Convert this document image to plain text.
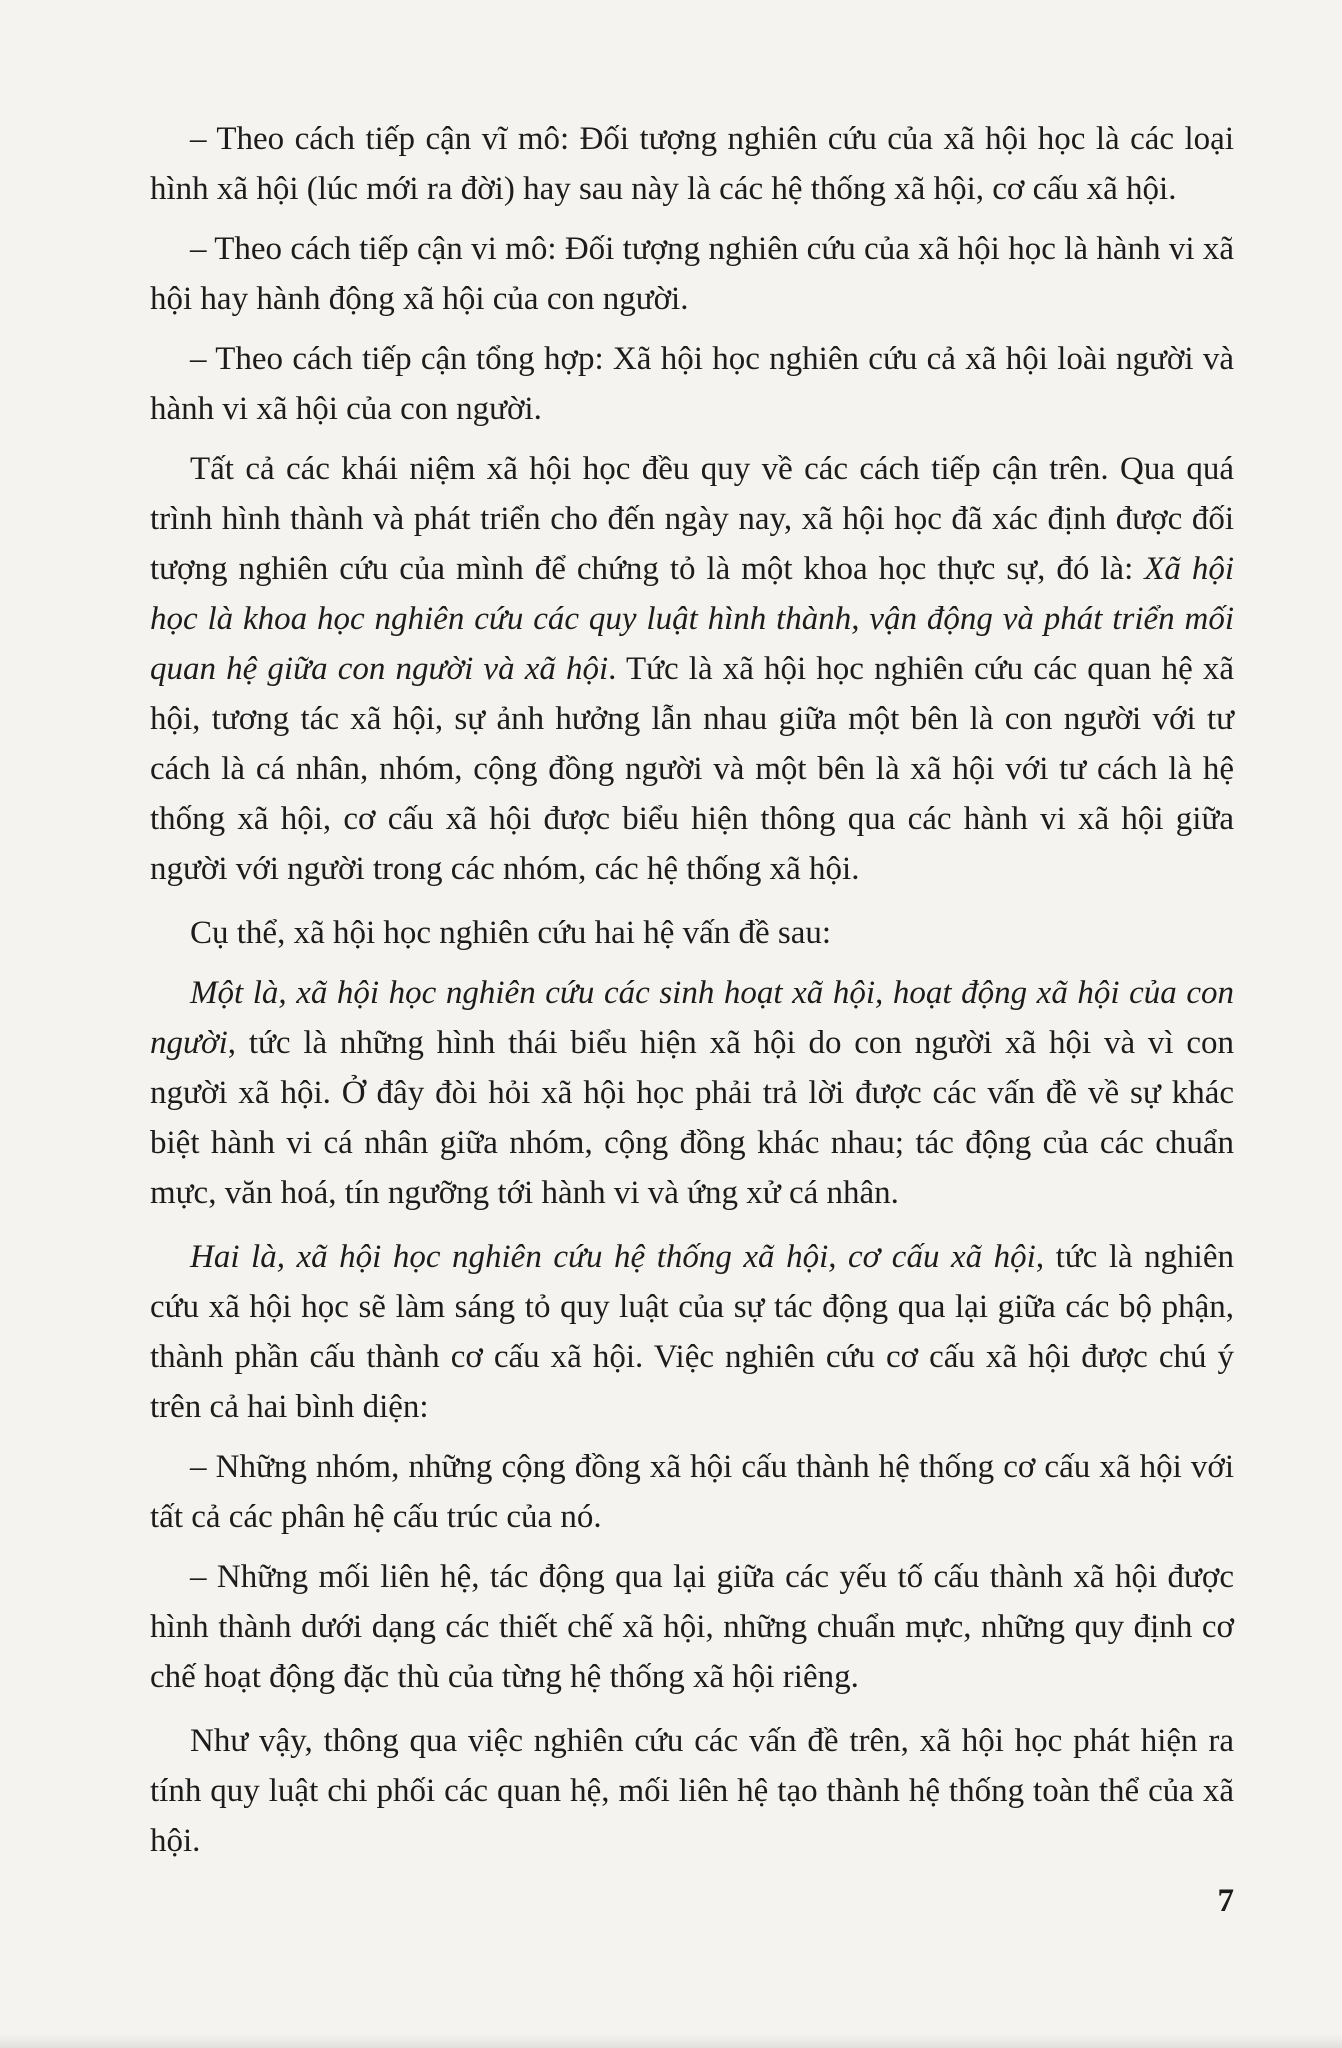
– Theo cách tiếp cận vĩ mô: Đối tượng nghiên cứu của xã hội học là các loại hình xã hội (lúc mới ra đời) hay sau này là các hệ thống xã hội, cơ cấu xã hội.

– Theo cách tiếp cận vi mô: Đối tượng nghiên cứu của xã hội học là hành vi xã hội hay hành động xã hội của con người.

– Theo cách tiếp cận tổng hợp: Xã hội học nghiên cứu cả xã hội loài người và hành vi xã hội của con người.

Tất cả các khái niệm xã hội học đều quy về các cách tiếp cận trên. Qua quá trình hình thành và phát triển cho đến ngày nay, xã hội học đã xác định được đối tượng nghiên cứu của mình để chứng tỏ là một khoa học thực sự, đó là: Xã hội học là khoa học nghiên cứu các quy luật hình thành, vận động và phát triển mối quan hệ giữa con người và xã hội. Tức là xã hội học nghiên cứu các quan hệ xã hội, tương tác xã hội, sự ảnh hưởng lẫn nhau giữa một bên là con người với tư cách là cá nhân, nhóm, cộng đồng người và một bên là xã hội với tư cách là hệ thống xã hội, cơ cấu xã hội được biểu hiện thông qua các hành vi xã hội giữa người với người trong các nhóm, các hệ thống xã hội.

Cụ thể, xã hội học nghiên cứu hai hệ vấn đề sau:

Một là, xã hội học nghiên cứu các sinh hoạt xã hội, hoạt động xã hội của con người, tức là những hình thái biểu hiện xã hội do con người xã hội và vì con người xã hội. Ở đây đòi hỏi xã hội học phải trả lời được các vấn đề về sự khác biệt hành vi cá nhân giữa nhóm, cộng đồng khác nhau; tác động của các chuẩn mực, văn hoá, tín ngưỡng tới hành vi và ứng xử cá nhân.

Hai là, xã hội học nghiên cứu hệ thống xã hội, cơ cấu xã hội, tức là nghiên cứu xã hội học sẽ làm sáng tỏ quy luật của sự tác động qua lại giữa các bộ phận, thành phần cấu thành cơ cấu xã hội. Việc nghiên cứu cơ cấu xã hội được chú ý trên cả hai bình diện:

– Những nhóm, những cộng đồng xã hội cấu thành hệ thống cơ cấu xã hội với tất cả các phân hệ cấu trúc của nó.

– Những mối liên hệ, tác động qua lại giữa các yếu tố cấu thành xã hội được hình thành dưới dạng các thiết chế xã hội, những chuẩn mực, những quy định cơ chế hoạt động đặc thù của từng hệ thống xã hội riêng.

Như vậy, thông qua việc nghiên cứu các vấn đề trên, xã hội học phát hiện ra tính quy luật chi phối các quan hệ, mối liên hệ tạo thành hệ thống toàn thể của xã hội.

7
